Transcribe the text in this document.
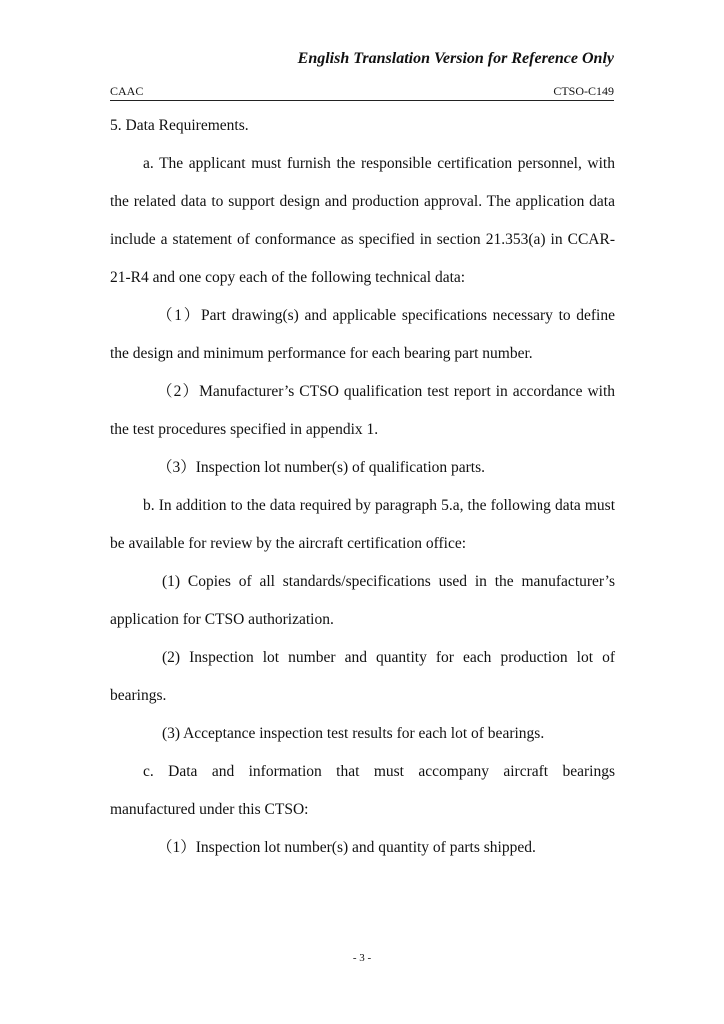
English Translation Version for Reference Only
CAAC	CTSO-C149

5. Data Requirements.

a. The applicant must furnish the responsible certification personnel, with the related data to support design and production approval. The application data include a statement of conformance as specified in section 21.353(a) in CCAR-21-R4 and one copy each of the following technical data:

（1）Part drawing(s) and applicable specifications necessary to define the design and minimum performance for each bearing part number.

（2）Manufacturer’s CTSO qualification test report in accordance with the test procedures specified in appendix 1.

（3）Inspection lot number(s) of qualification parts.

b. In addition to the data required by paragraph 5.a, the following data must be available for review by the aircraft certification office:

(1) Copies of all standards/specifications used in the manufacturer’s application for CTSO authorization.

(2) Inspection lot number and quantity for each production lot of bearings.

(3) Acceptance inspection test results for each lot of bearings.

c. Data and information that must accompany aircraft bearings manufactured under this CTSO:

（1）Inspection lot number(s) and quantity of parts shipped.

- 3 -
